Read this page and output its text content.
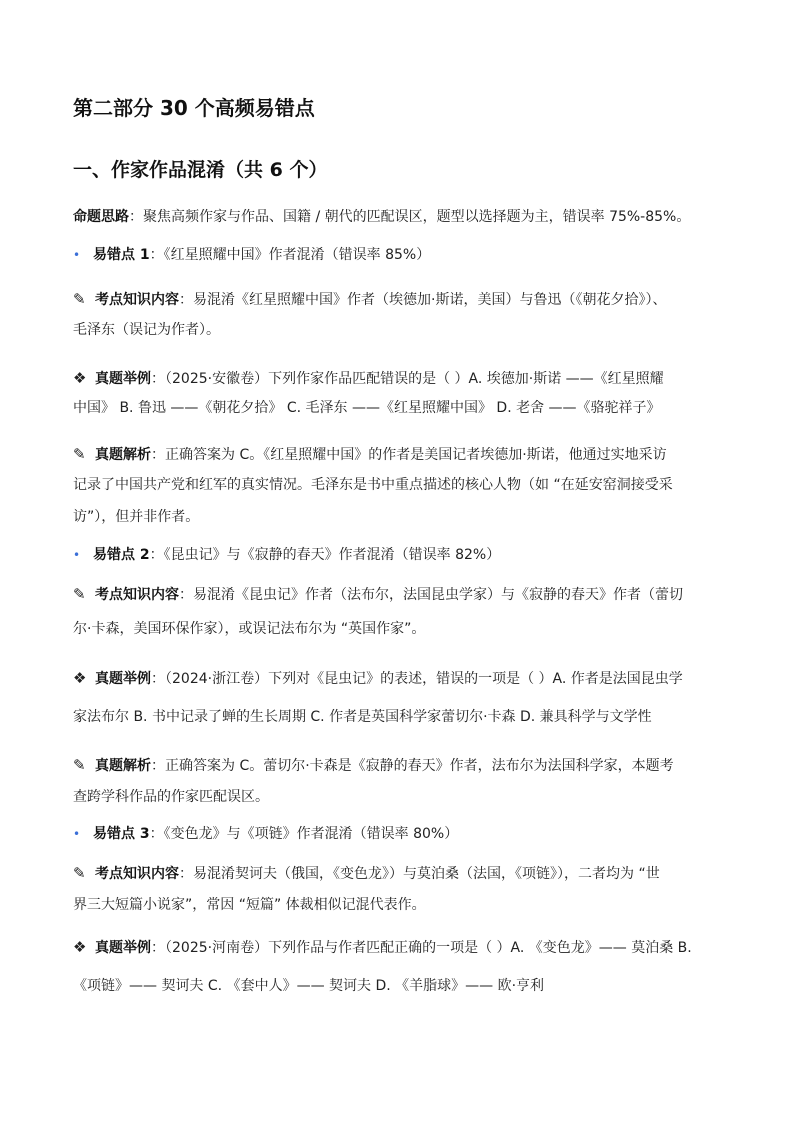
第二部分 30 个高频易错点

一、作家作品混淆（共 6 个）

命题思路：聚焦高频作家与作品、国籍 / 朝代的匹配误区，题型以选择题为主，错误率 75%-85%。

• 易错点 1：《红星照耀中国》作者混淆（错误率 85%）

✎ 考点知识内容：易混淆《红星照耀中国》作者（埃德加·斯诺，美国）与鲁迅（《朝花夕拾》）、

毛泽东（误记为作者）。

❖ 真题举例：（2025·安徽卷）下列作家作品匹配错误的是（ ）A. 埃德加·斯诺 ——《红星照耀

中国》 B. 鲁迅 ——《朝花夕拾》 C. 毛泽东 ——《红星照耀中国》 D. 老舍 ——《骆驼祥子》

✎ 真题解析：正确答案为 C。《红星照耀中国》的作者是美国记者埃德加·斯诺，他通过实地采访

记录了中国共产党和红军的真实情况。毛泽东是书中重点描述的核心人物（如 “在延安窑洞接受采

访”），但并非作者。

• 易错点 2：《昆虫记》与《寂静的春天》作者混淆（错误率 82%）

✎ 考点知识内容：易混淆《昆虫记》作者（法布尔，法国昆虫学家）与《寂静的春天》作者（蕾切

尔·卡森，美国环保作家），或误记法布尔为 “英国作家”。

❖ 真题举例：（2024·浙江卷）下列对《昆虫记》的表述，错误的一项是（ ）A. 作者是法国昆虫学

家法布尔 B. 书中记录了蝉的生长周期 C. 作者是英国科学家蕾切尔·卡森 D. 兼具科学与文学性

✎ 真题解析：正确答案为 C。蕾切尔·卡森是《寂静的春天》作者，法布尔为法国科学家，本题考

查跨学科作品的作家匹配误区。

• 易错点 3：《变色龙》与《项链》作者混淆（错误率 80%）

✎ 考点知识内容：易混淆契诃夫（俄国，《变色龙》）与莫泊桑（法国，《项链》），二者均为 “世

界三大短篇小说家”，常因 “短篇” 体裁相似记混代表作。

❖ 真题举例：（2025·河南卷）下列作品与作者匹配正确的一项是（ ）A. 《变色龙》—— 莫泊桑 B.

《项链》—— 契诃夫 C. 《套中人》—— 契诃夫 D. 《羊脂球》—— 欧·亨利
